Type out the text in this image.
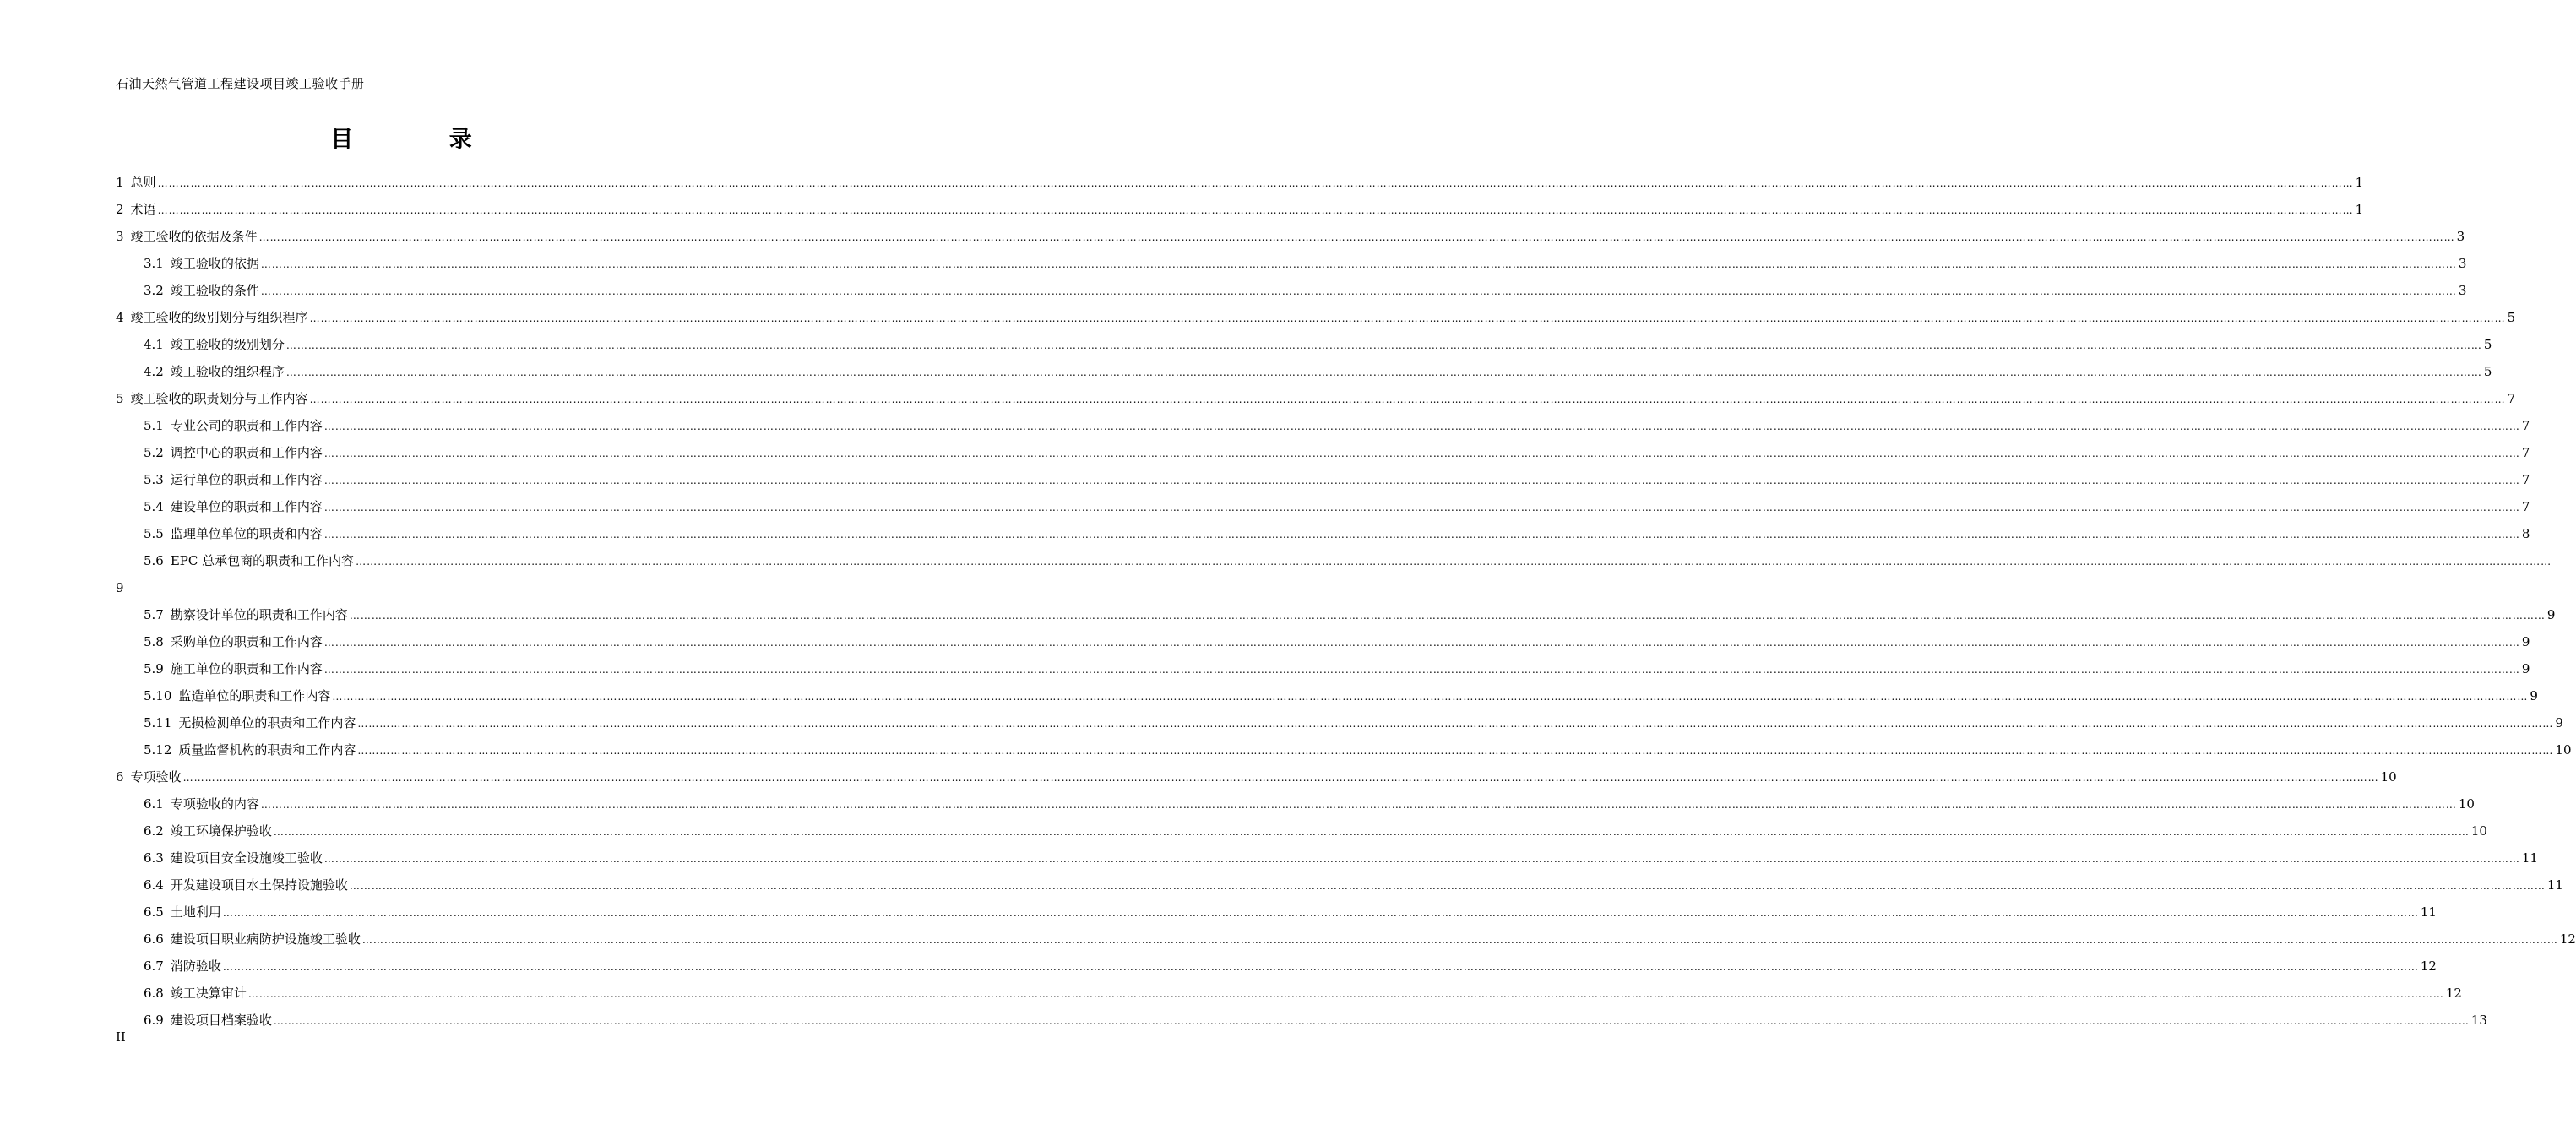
石油天然气管道工程建设项目竣工验收手册
目 录
1 总则 …………………………………………………………………………………………………………………………………………………………………………………………………………………………………………………………………………………………………………………………………………………………………………………………………………………………………………………………………………………………………………………………………………………… 1
2 术语 …………………………………………………………………………………………………………………………………………………………………………………………………………………………………………………………………………………………………………………………………………………………………………………………………………………………………………………………………………………………………………………………………………………… 1
3 竣工验收的依据及条件 …………………………………………………………………………………………………………………………………………………………………………………………………………………………………………………………………………………………………………………………………………………………………………………………………………………………………………………………………………………………………………………………………………………… 3
3.1 竣工验收的依据 …………………………………………………………………………………………………………………………………………………………………………………………………………………………………………………………………………………………………………………………………………………………………………………………………………………………………………………………………………………………………………………………………………………… 3
3.2 竣工验收的条件 …………………………………………………………………………………………………………………………………………………………………………………………………………………………………………………………………………………………………………………………………………………………………………………………………………………………………………………………………………………………………………………………………………………… 3
4 竣工验收的级别划分与组织程序 …………………………………………………………………………………………………………………………………………………………………………………………………………………………………………………………………………………………………………………………………………………………………………………………………………………………………………………………………………………………………………………………………………………… 5
4.1 竣工验收的级别划分 …………………………………………………………………………………………………………………………………………………………………………………………………………………………………………………………………………………………………………………………………………………………………………………………………………………………………………………………………………………………………………………………………………………… 5
4.2 竣工验收的组织程序 …………………………………………………………………………………………………………………………………………………………………………………………………………………………………………………………………………………………………………………………………………………………………………………………………………………………………………………………………………………………………………………………………………………… 5
5 竣工验收的职责划分与工作内容 …………………………………………………………………………………………………………………………………………………………………………………………………………………………………………………………………………………………………………………………………………………………………………………………………………………………………………………………………………………………………………………………………………………… 7
5.1 专业公司的职责和工作内容 …………………………………………………………………………………………………………………………………………………………………………………………………………………………………………………………………………………………………………………………………………………………………………………………………………………………………………………………………………………………………………………………………………………… 7
5.2 调控中心的职责和工作内容 …………………………………………………………………………………………………………………………………………………………………………………………………………………………………………………………………………………………………………………………………………………………………………………………………………………………………………………………………………………………………………………………………………………… 7
5.3 运行单位的职责和工作内容 …………………………………………………………………………………………………………………………………………………………………………………………………………………………………………………………………………………………………………………………………………………………………………………………………………………………………………………………………………………………………………………………………………………… 7
5.4 建设单位的职责和工作内容 …………………………………………………………………………………………………………………………………………………………………………………………………………………………………………………………………………………………………………………………………………………………………………………………………………………………………………………………………………………………………………………………………………………… 7
5.5 监理单位单位的职责和内容 …………………………………………………………………………………………………………………………………………………………………………………………………………………………………………………………………………………………………………………………………………………………………………………………………………………………………………………………………………………………………………………………………………………… 8
5.6 EPC 总承包商的职责和工作内容 ……………………………………………………………………………………………………………………………………………………………………………………………………………………………………………………………………………………………………………………………………………………………………………………………………………………………………………………………………………………………………………………………………………………
9
5.7 勘察设计单位的职责和工作内容 …………………………………………………………………………………………………………………………………………………………………………………………………………………………………………………………………………………………………………………………………………………………………………………………………………………………………………………………………………………………………………………………………………………… 9
5.8 采购单位的职责和工作内容 …………………………………………………………………………………………………………………………………………………………………………………………………………………………………………………………………………………………………………………………………………………………………………………………………………………………………………………………………………………………………………………………………………………… 9
5.9 施工单位的职责和工作内容 …………………………………………………………………………………………………………………………………………………………………………………………………………………………………………………………………………………………………………………………………………………………………………………………………………………………………………………………………………………………………………………………………………………… 9
5.10 监造单位的职责和工作内容 …………………………………………………………………………………………………………………………………………………………………………………………………………………………………………………………………………………………………………………………………………………………………………………………………………………………………………………………………………………………………………………………………………………… 9
5.11 无损检测单位的职责和工作内容 …………………………………………………………………………………………………………………………………………………………………………………………………………………………………………………………………………………………………………………………………………………………………………………………………………………………………………………………………………………………………………………………………………………… 9
5.12 质量监督机构的职责和工作内容 …………………………………………………………………………………………………………………………………………………………………………………………………………………………………………………………………………………………………………………………………………………………………………………………………………………………………………………………………………………………………………………………………………………… 10
6 专项验收 …………………………………………………………………………………………………………………………………………………………………………………………………………………………………………………………………………………………………………………………………………………………………………………………………………………………………………………………………………………………………………………………………………………… 10
6.1 专项验收的内容 …………………………………………………………………………………………………………………………………………………………………………………………………………………………………………………………………………………………………………………………………………………………………………………………………………………………………………………………………………………………………………………………………………………… 10
6.2 竣工环境保护验收 …………………………………………………………………………………………………………………………………………………………………………………………………………………………………………………………………………………………………………………………………………………………………………………………………………………………………………………………………………………………………………………………………………………… 10
6.3 建设项目安全设施竣工验收 …………………………………………………………………………………………………………………………………………………………………………………………………………………………………………………………………………………………………………………………………………………………………………………………………………………………………………………………………………………………………………………………………………………… 11
6.4 开发建设项目水土保持设施验收 …………………………………………………………………………………………………………………………………………………………………………………………………………………………………………………………………………………………………………………………………………………………………………………………………………………………………………………………………………………………………………………………………………………… 11
6.5 土地利用 …………………………………………………………………………………………………………………………………………………………………………………………………………………………………………………………………………………………………………………………………………………………………………………………………………………………………………………………………………………………………………………………………………………… 11
6.6 建设项目职业病防护设施竣工验收 …………………………………………………………………………………………………………………………………………………………………………………………………………………………………………………………………………………………………………………………………………………………………………………………………………………………………………………………………………………………………………………………………………………… 12
6.7 消防验收 …………………………………………………………………………………………………………………………………………………………………………………………………………………………………………………………………………………………………………………………………………………………………………………………………………………………………………………………………………………………………………………………………………………… 12
6.8 竣工决算审计 …………………………………………………………………………………………………………………………………………………………………………………………………………………………………………………………………………………………………………………………………………………………………………………………………………………………………………………………………………………………………………………………………………………… 12
6.9 建设项目档案验收 …………………………………………………………………………………………………………………………………………………………………………………………………………………………………………………………………………………………………………………………………………………………………………………………………………………………………………………………………………………………………………………………………………………… 13
II
